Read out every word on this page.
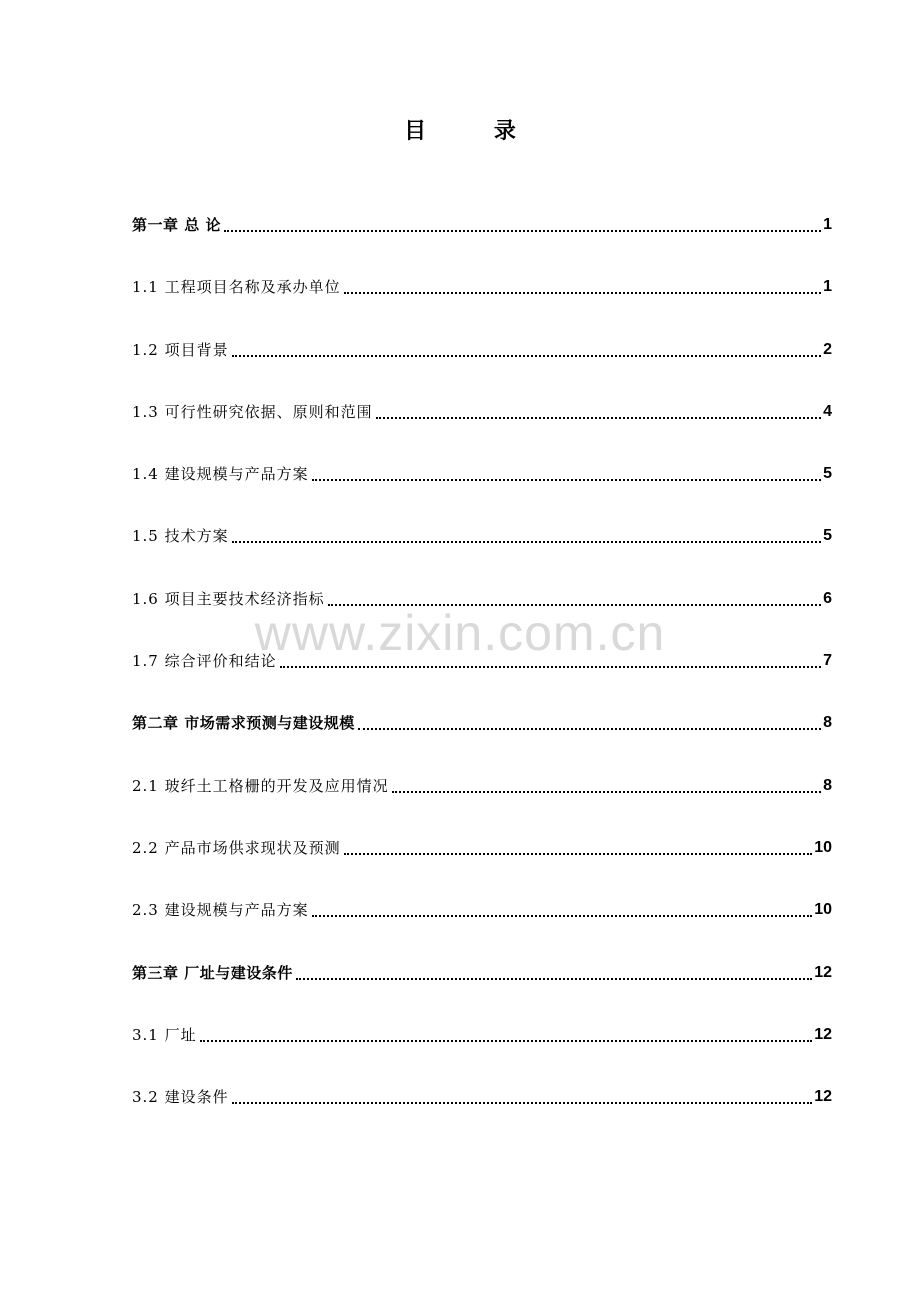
目 录
www.zixin.com.cn
第一章 总 论	1
1.1 工程项目名称及承办单位	1
1.2 项目背景	2
1.3 可行性研究依据、原则和范围	4
1.4 建设规模与产品方案	5
1.5 技术方案	5
1.6 项目主要技术经济指标	6
1.7 综合评价和结论	7
第二章 市场需求预测与建设规模	8
2.1 玻纤土工格栅的开发及应用情况	8
2.2 产品市场供求现状及预测	10
2.3 建设规模与产品方案	10
第三章 厂址与建设条件	12
3.1 厂址	12
3.2 建设条件	12
